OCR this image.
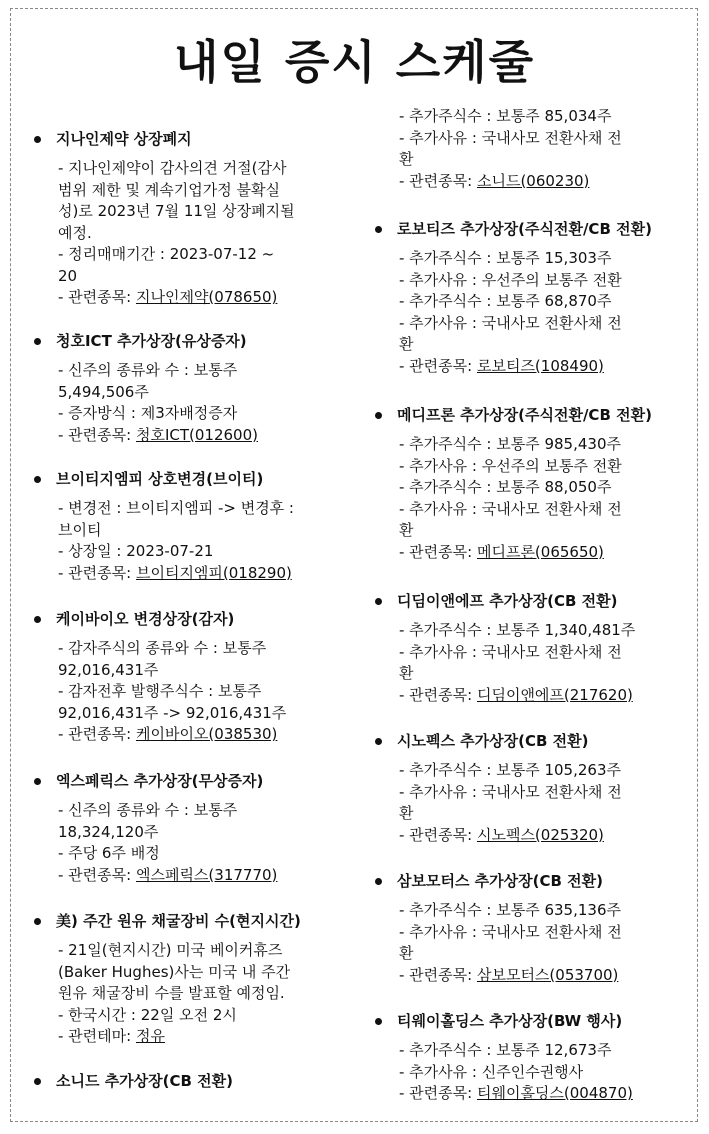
내일 증시 스케줄
지나인제약 상장폐지
- 지나인제약이 감사의견 거절(감사
범위 제한 및 계속기업가정 불확실
성)로 2023년 7월 11일 상장폐지될
예정.
- 정리매매기간 : 2023-07-12 ~
20
- 관련종목: 지나인제약(078650)
청호ICT 추가상장(유상증자)
- 신주의 종류와 수 : 보통주
5,494,506주
- 증자방식 : 제3자배정증자
- 관련종목: 청호ICT(012600)
브이티지엠피 상호변경(브이티)
- 변경전 : 브이티지엠피 -> 변경후 :
브이티
- 상장일 : 2023-07-21
- 관련종목: 브이티지엠피(018290)
케이바이오 변경상장(감자)
- 감자주식의 종류와 수 : 보통주
92,016,431주
- 감자전후 발행주식수 : 보통주
92,016,431주 -> 92,016,431주
- 관련종목: 케이바이오(038530)
엑스페릭스 추가상장(무상증자)
- 신주의 종류와 수 : 보통주
18,324,120주
- 주당 6주 배정
- 관련종목: 엑스페릭스(317770)
美) 주간 원유 채굴장비 수(현지시간)
- 21일(현지시간) 미국 베이커휴즈
(Baker Hughes)사는 미국 내 주간
원유 채굴장비 수를 발표할 예정임.
- 한국시간 : 22일 오전 2시
- 관련테마: 정유
소니드 추가상장(CB 전환)
- 추가주식수 : 보통주 85,034주
- 추가사유 : 국내사모 전환사채 전
환
- 관련종목: 소니드(060230)
로보티즈 추가상장(주식전환/CB 전환)
- 추가주식수 : 보통주 15,303주
- 추가사유 : 우선주의 보통주 전환
- 추가주식수 : 보통주 68,870주
- 추가사유 : 국내사모 전환사채 전
환
- 관련종목: 로보티즈(108490)
메디프론 추가상장(주식전환/CB 전환)
- 추가주식수 : 보통주 985,430주
- 추가사유 : 우선주의 보통주 전환
- 추가주식수 : 보통주 88,050주
- 추가사유 : 국내사모 전환사채 전
환
- 관련종목: 메디프론(065650)
디딤이앤에프 추가상장(CB 전환)
- 추가주식수 : 보통주 1,340,481주
- 추가사유 : 국내사모 전환사채 전
환
- 관련종목: 디딤이앤에프(217620)
시노펙스 추가상장(CB 전환)
- 추가주식수 : 보통주 105,263주
- 추가사유 : 국내사모 전환사채 전
환
- 관련종목: 시노펙스(025320)
삼보모터스 추가상장(CB 전환)
- 추가주식수 : 보통주 635,136주
- 추가사유 : 국내사모 전환사채 전
환
- 관련종목: 삼보모터스(053700)
티웨이홀딩스 추가상장(BW 행사)
- 추가주식수 : 보통주 12,673주
- 추가사유 : 신주인수권행사
- 관련종목: 티웨이홀딩스(004870)
